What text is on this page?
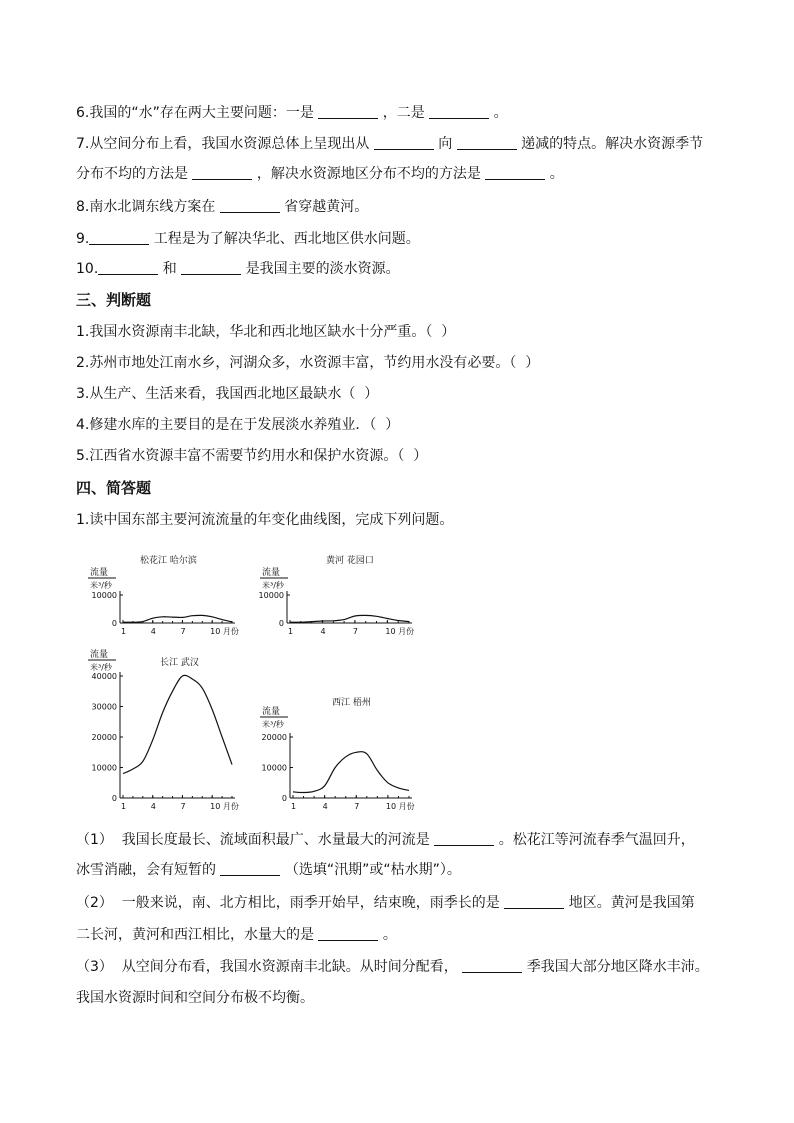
6.我国的“水”存在两大主要问题：一是	，二是	。
7.从空间分布上看，我国水资源总体上呈现出从	向	递减的特点。解决水资源季节
分布不均的方法是	，解决水资源地区分布不均的方法是	。
8.南水北调东线方案在	省穿越黄河。
9.	工程是为了解决华北、西北地区供水问题。
10.	和	是我国主要的淡水资源。
三、判断题
1.我国水资源南丰北缺，华北和西北地区缺水十分严重。（  ）
2.苏州市地处江南水乡，河湖众多，水资源丰富，节约用水没有必要。（  ）
3.从生产、生活来看，我国西北地区最缺水（  ）
4.修建水库的主要目的是在于发展淡水养殖业．（  ）
5.江西省水资源丰富不需要节约用水和保护水资源。（  ）
四、简答题
1.读中国东部主要河流流量的年变化曲线图，完成下列问题。
松花江 哈尔滨
流量
米³/秒
10000
0
1	4	7	10 月份
黄河 花园口
流量
米³/秒
10000
0
1	4	7	10 月份
长江 武汉
流量
米³/秒
40000
30000
20000
10000
0
1	4	7	10 月份
西江 梧州
流量
米³/秒
20000
10000
0
1	4	7	10 月份
（1）  我国长度最长、流域面积最广、水量最大的河流是	。松花江等河流春季气温回升，
冰雪消融，会有短暂的	（选填“汛期”或“枯水期”）。
（2）  一般来说，南、北方相比，雨季开始早，结束晚，雨季长的是	地区。黄河是我国第
二长河，黄河和西江相比，水量大的是	。
（3）  从空间分布看，我国水资源南丰北缺。从时间分配看，	季我国大部分地区降水丰沛。
我国水资源时间和空间分布极不均衡。
